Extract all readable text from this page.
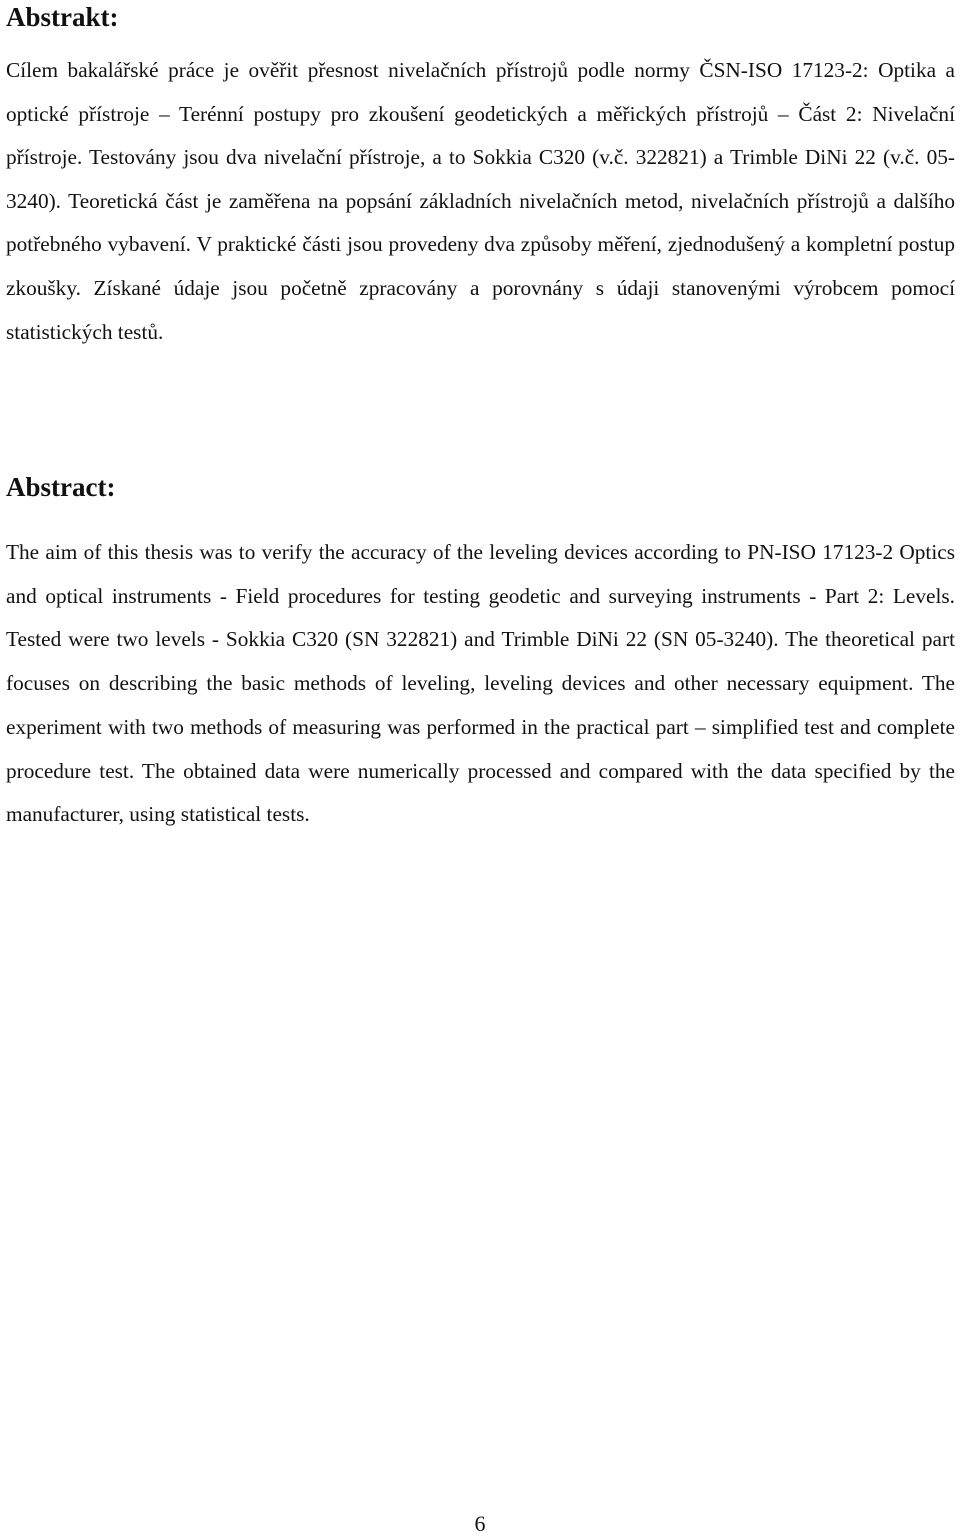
Abstrakt:

Cílem bakalářské práce je ověřit přesnost nivelačních přístrojů podle normy ČSN-ISO 17123-2: Optika a optické přístroje – Terénní postupy pro zkoušení geodetických a měřických přístrojů – Část 2: Nivelační přístroje. Testovány jsou dva nivelační přístroje, a to Sokkia C320 (v.č. 322821) a Trimble DiNi 22 (v.č. 05-3240). Teoretická část je zaměřena na popsání základních nivelačních metod, nivelačních přístrojů a dalšího potřebného vybavení. V praktické části jsou provedeny dva způsoby měření, zjednodušený a kompletní postup zkoušky. Získané údaje jsou početně zpracovány a porovnány s údaji stanovenými výrobcem pomocí statistických testů.

Abstract:

The aim of this thesis was to verify the accuracy of the leveling devices according to PN-ISO 17123-2 Optics and optical instruments - Field procedures for testing geodetic and surveying instruments - Part 2: Levels. Tested were two levels - Sokkia C320 (SN 322821) and Trimble DiNi 22 (SN 05-3240). The theoretical part focuses on describing the basic methods of leveling, leveling devices and other necessary equipment. The experiment with two methods of measuring was performed in the practical part – simplified test and complete procedure test. The obtained data were numerically processed and compared with the data specified by the manufacturer, using statistical tests.

6
